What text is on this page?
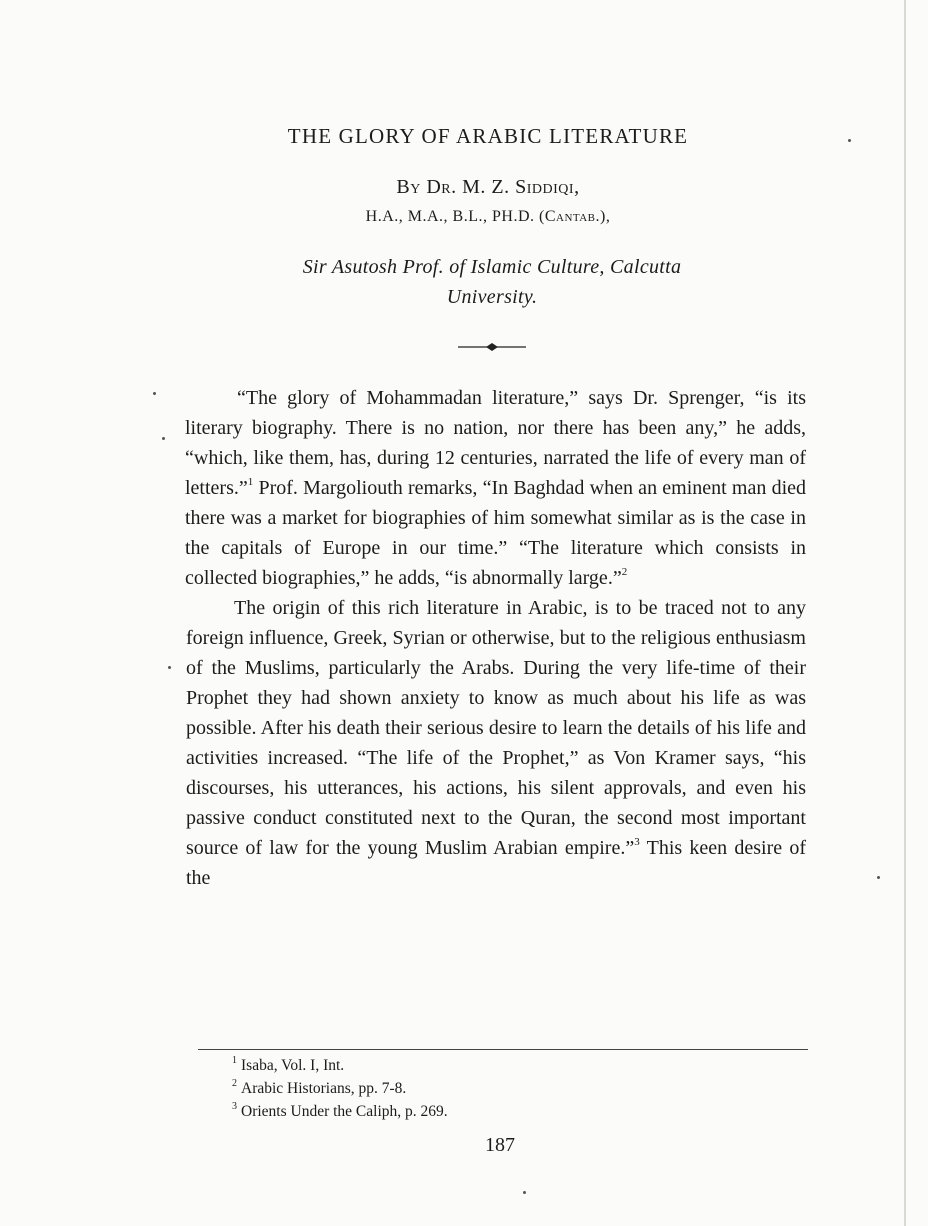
THE GLORY OF ARABIC LITERATURE
By Dr. M. Z. Siddiqi,
H.A., M.A., B.L., PH.D. (Cantab.),
Sir Asutosh Prof. of Islamic Culture, Calcutta
University.

“The glory of Mohammadan literature,” says Dr. Sprenger, “is its literary biography. There is no nation, nor there has been any,” he adds, “which, like them, has, during 12 centuries, narrated the life of every man of letters.”$^1$ Prof. Margoliouth remarks, “In Baghdad when an eminent man died there was a market for biographies of him somewhat similar as is the case in the capitals of Europe in our time.” “The literature which consists in collected biographies,” he adds, “is abnormally large.”$^2$

The origin of this rich literature in Arabic, is to be traced not to any foreign influence, Greek, Syrian or otherwise, but to the religious enthusiasm of the Muslims, particularly the Arabs. During the very life-time of their Prophet they had shown anxiety to know as much about his life as was possible. After his death their serious desire to learn the details of his life and activities increased. “The life of the Prophet,” as Von Kramer says, “his discourses, his utterances, his actions, his silent approvals, and even his passive conduct constituted next to the Quran, the second most important source of law for the young Muslim Arabian empire.”$^3$ This keen desire of the

$^1$ Isaba, Vol. I, Int.
$^2$ Arabic Historians, pp. 7-8.
$^3$ Orients Under the Caliph, p. 269.
187
